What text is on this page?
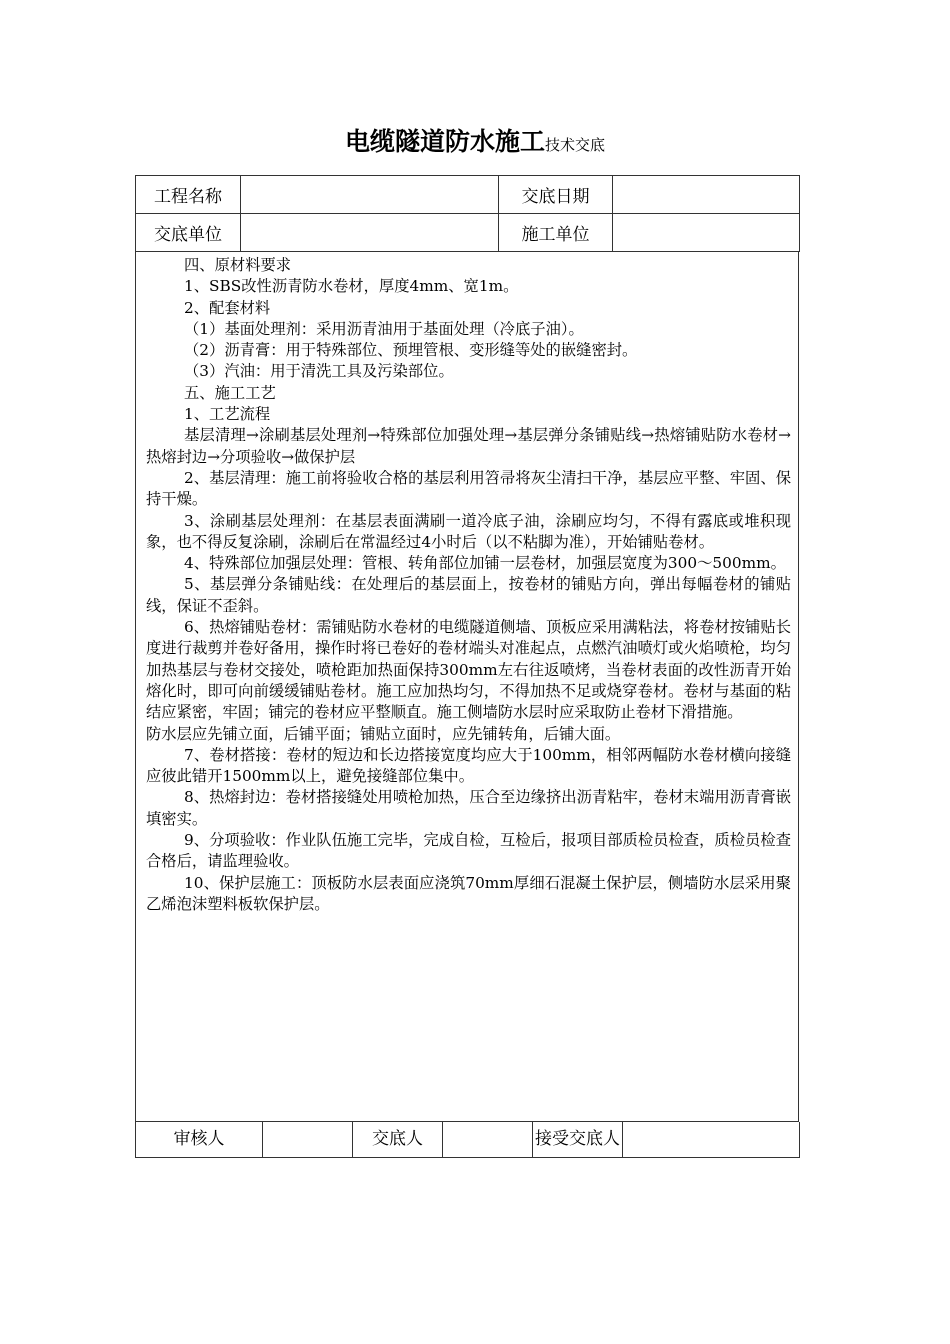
电缆隧道防水施工技术交底
工程名称		交底日期	
交底单位		施工单位	

四、原材料要求

1、SBS改性沥青防水卷材，厚度4mm、宽1m。

2、配套材料

（1）基面处理剂：采用沥青油用于基面处理（冷底子油）。

（2）沥青膏：用于特殊部位、预埋管根、变形缝等处的嵌缝密封。

（3）汽油：用于清洗工具及污染部位。

五、施工工艺

1、工艺流程

基层清理→涂刷基层处理剂→特殊部位加强处理→基层弹分条铺贴线→热熔铺贴防水卷材→热熔封边→分项验收→做保护层

2、基层清理：施工前将验收合格的基层利用笤帚将灰尘清扫干净，基层应平整、牢固、保持干燥。

3、涂刷基层处理剂：在基层表面满刷一道冷底子油，涂刷应均匀，不得有露底或堆积现象，也不得反复涂刷，涂刷后在常温经过4小时后（以不粘脚为准），开始铺贴卷材。

4、特殊部位加强层处理：管根、转角部位加铺一层卷材，加强层宽度为300～500mm。

5、基层弹分条铺贴线：在处理后的基层面上，按卷材的铺贴方向，弹出每幅卷材的铺贴线，保证不歪斜。

6、热熔铺贴卷材：需铺贴防水卷材的电缆隧道侧墙、顶板应采用满粘法，将卷材按铺贴长度进行裁剪并卷好备用，操作时将已卷好的卷材端头对准起点，点燃汽油喷灯或火焰喷枪，均匀加热基层与卷材交接处，喷枪距加热面保持300mm左右往返喷烤，当卷材表面的改性沥青开始熔化时，即可向前缓缓铺贴卷材。施工应加热均匀，不得加热不足或烧穿卷材。卷材与基面的粘结应紧密，牢固；铺完的卷材应平整顺直。施工侧墙防水层时应采取防止卷材下滑措施。

防水层应先铺立面，后铺平面；铺贴立面时，应先铺转角，后铺大面。

7、卷材搭接：卷材的短边和长边搭接宽度均应大于100mm，相邻两幅防水卷材横向接缝应彼此错开1500mm以上，避免接缝部位集中。

8、热熔封边：卷材搭接缝处用喷枪加热，压合至边缘挤出沥青粘牢，卷材末端用沥青膏嵌填密实。

9、分项验收：作业队伍施工完毕，完成自检，互检后，报项目部质检员检查，质检员检查合格后，请监理验收。

10、保护层施工：顶板防水层表面应浇筑70mm厚细石混凝土保护层，侧墙防水层采用聚乙烯泡沫塑料板软保护层。

审核人		交底人		接受交底人	
